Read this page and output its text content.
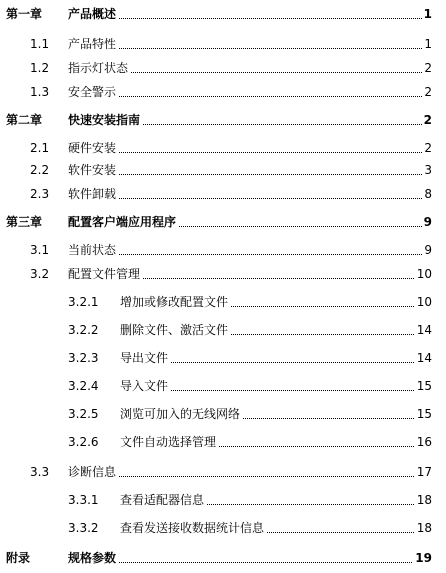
第一章 产品概述	1
1.1 产品特性	1
1.2 指示灯状态	2
1.3 安全警示	2
第二章 快速安装指南	2
2.1 硬件安装	2
2.2 软件安装	3
2.3 软件卸载	8
第三章 配置客户端应用程序	9
3.1 当前状态	9
3.2 配置文件管理	10
3.2.1 增加或修改配置文件	10
3.2.2 删除文件、激活文件	14
3.2.3 导出文件	14
3.2.4 导入文件	15
3.2.5 浏览可加入的无线网络	15
3.2.6 文件自动选择管理	16
3.3 诊断信息	17
3.3.1 查看适配器信息	18
3.3.2 查看发送接收数据统计信息	18
附录	规格参数	19
